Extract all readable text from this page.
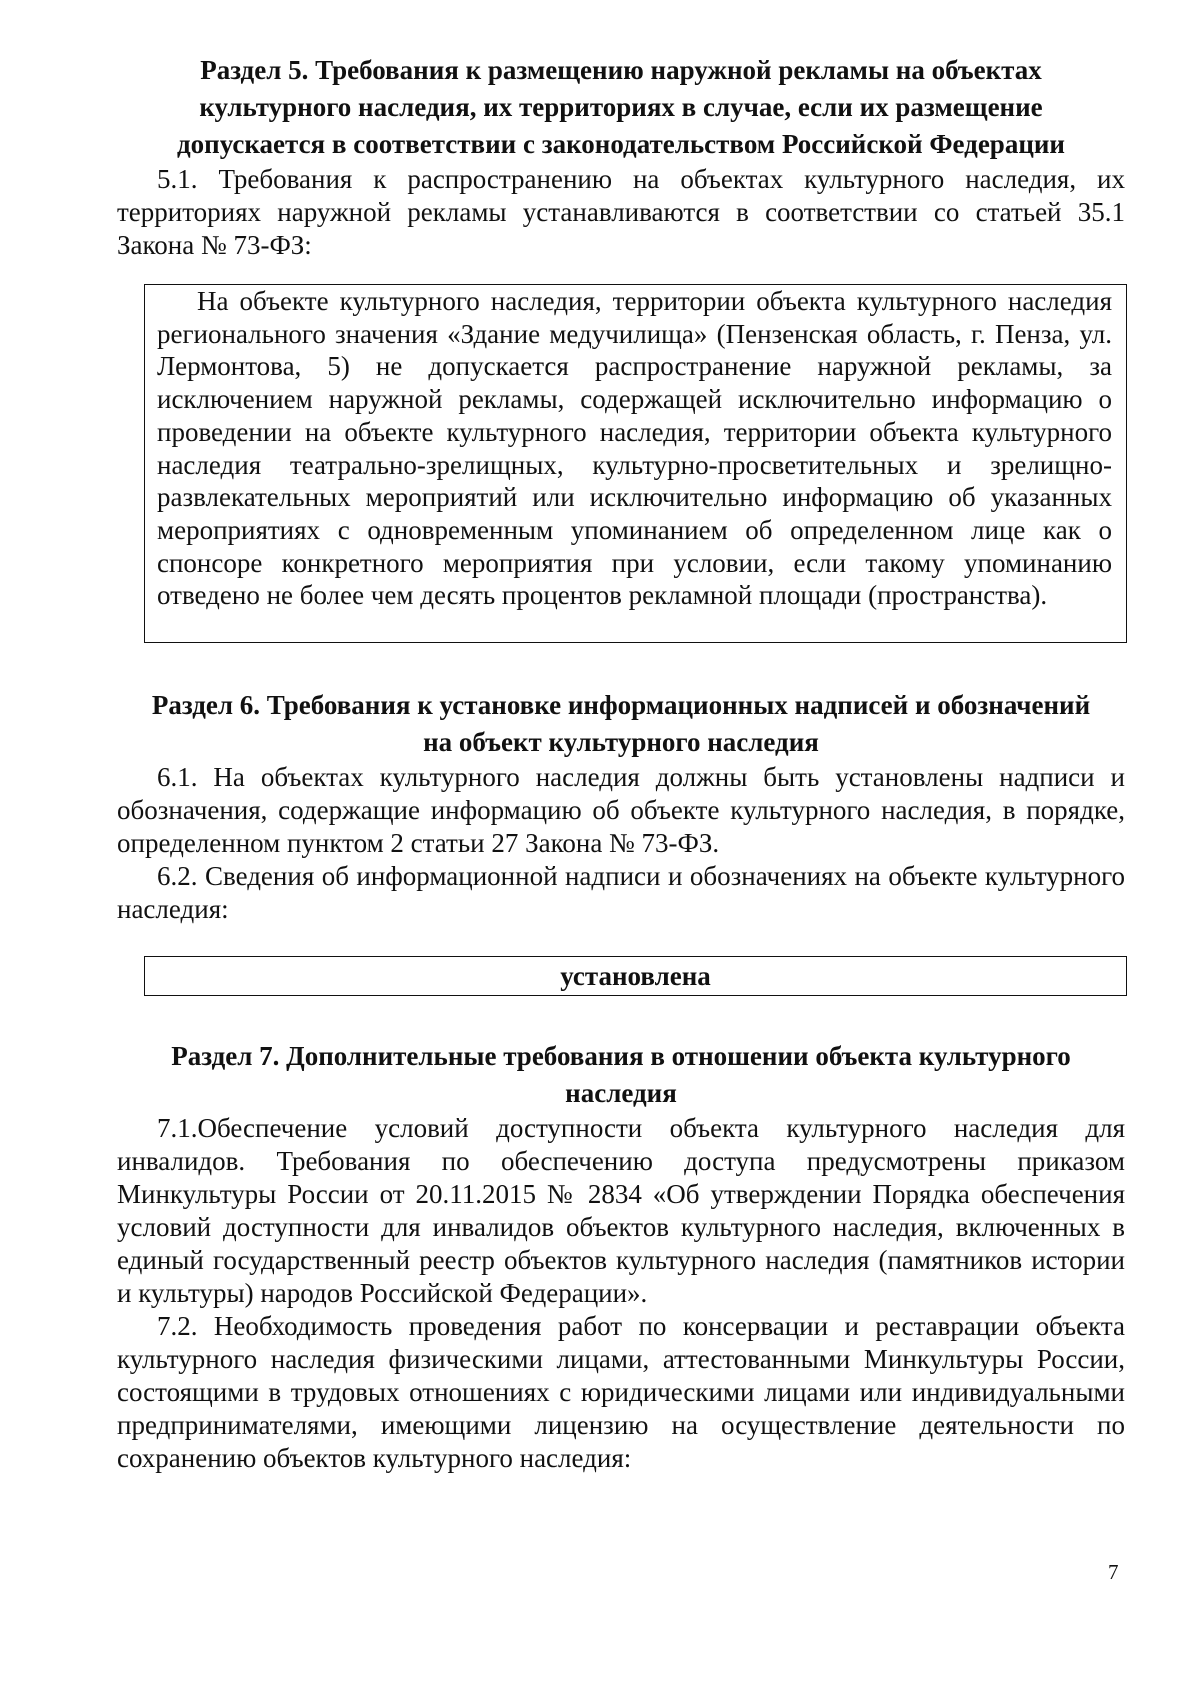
Раздел 5. Требования к размещению наружной рекламы на объектах культурного наследия, их территориях в случае, если их размещение допускается в соответствии с законодательством Российской Федерации

5.1. Требования к распространению на объектах культурного наследия, их территориях наружной рекламы устанавливаются в соответствии со статьей 35.1 Закона № 73-ФЗ:

На объекте культурного наследия, территории объекта культурного наследия регионального значения «Здание медучилища» (Пензенская область, г. Пенза, ул. Лермонтова, 5) не допускается распространение наружной рекламы, за исключением наружной рекламы, содержащей исключительно информацию о проведении на объекте культурного наследия, территории объекта культурного наследия театрально-зрелищных, культурно-просветительных и зрелищно-развлекательных мероприятий или исключительно информацию об указанных мероприятиях с одновременным упоминанием об определенном лице как о спонсоре конкретного мероприятия при условии, если такому упоминанию отведено не более чем десять процентов рекламной площади (пространства).

Раздел 6. Требования к установке информационных надписей и обозначений на объект культурного наследия

6.1. На объектах культурного наследия должны быть установлены надписи и обозначения, содержащие информацию об объекте культурного наследия, в порядке, определенном пунктом 2 статьи 27 Закона № 73-ФЗ.

6.2. Сведения об информационной надписи и обозначениях на объекте культурного наследия:

установлена
Раздел 7. Дополнительные требования в отношении объекта культурного наследия

7.1.Обеспечение условий доступности объекта культурного наследия для инвалидов. Требования по обеспечению доступа предусмотрены приказом Минкультуры России от 20.11.2015 № 2834 «Об утверждении Порядка обеспечения условий доступности для инвалидов объектов культурного наследия, включенных в единый государственный реестр объектов культурного наследия (памятников истории и культуры) народов Российской Федерации».

7.2. Необходимость проведения работ по консервации и реставрации объекта культурного наследия физическими лицами, аттестованными Минкультуры России, состоящими в трудовых отношениях с юридическими лицами или индивидуальными предпринимателями, имеющими лицензию на осуществление деятельности по сохранению объектов культурного наследия:

7
